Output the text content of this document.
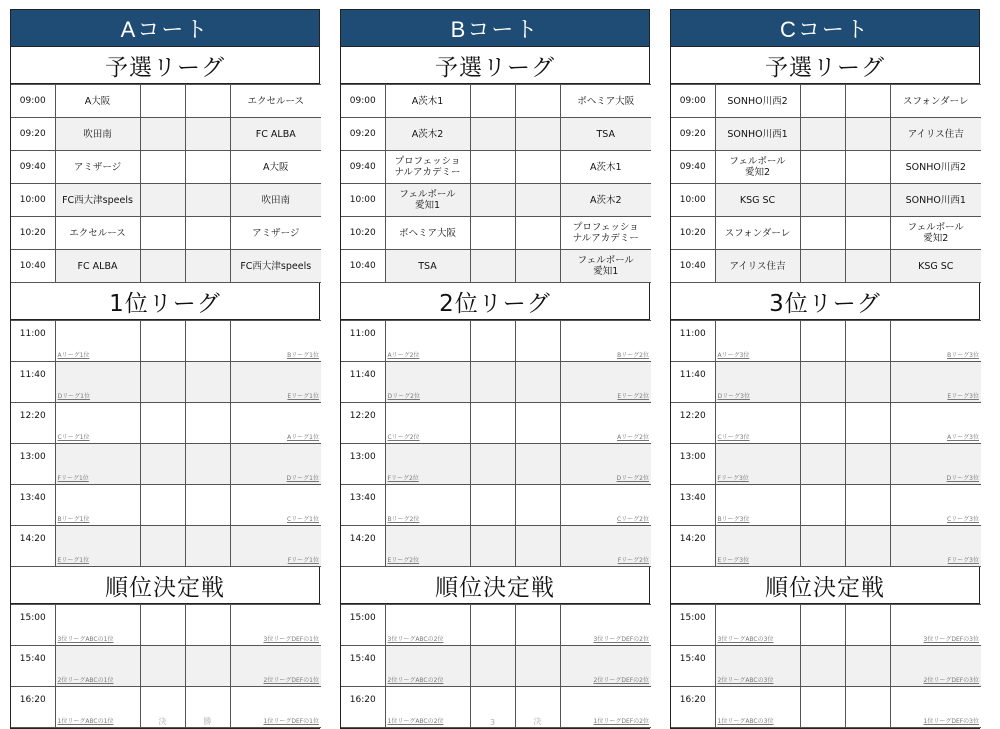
Aコート
予選リーグ
09:00	A大阪			エクセルース
09:20	吹田南			FC ALBA
09:40	アミザージ			A大阪
10:00	FC西大津speels			吹田南
10:20	エクセルース			アミザージ
10:40	FC ALBA			FC西大津speels
1位リーグ
11:00	Aリーグ1位			Bリーグ1位

11:40	Dリーグ1位			Eリーグ1位

12:20	Cリーグ1位			Aリーグ1位

13:00	Fリーグ1位			Dリーグ1位

13:40	Bリーグ1位			Cリーグ1位

14:20	Eリーグ1位			Fリーグ1位
順位決定戦
15:00	3位リーグABCの1位			3位リーグDEFの1位

15:40	2位リーグABCの1位			2位リーグDEFの1位

16:20	1位リーグABCの1位	決	勝	1位リーグDEFの1位
Bコート
予選リーグ
09:00	A茨木1			ボヘミア大阪
09:20	A茨木2			TSA
09:40	プロフェッショ
ナルアカデミー			A茨木1
10:00	フェルボール
愛知1			A茨木2
10:20	ボヘミア大阪			プロフェッショ
ナルアカデミー
10:40	TSA			フェルボール
愛知1
2位リーグ
11:00	Aリーグ2位			Bリーグ2位

11:40	Dリーグ2位			Eリーグ2位

12:20	Cリーグ2位			Aリーグ2位

13:00	Fリーグ2位			Dリーグ2位

13:40	Bリーグ2位			Cリーグ2位

14:20	Eリーグ2位			Fリーグ2位
順位決定戦
15:00	3位リーグABCの2位			3位リーグDEFの2位

15:40	2位リーグABCの2位			2位リーグDEFの2位

16:20	1位リーグABCの2位	3	決	1位リーグDEFの2位
Cコート
予選リーグ
09:00	SONHO川西2			スフォンダーレ
09:20	SONHO川西1			アイリス住吉
09:40	フェルボール
愛知2			SONHO川西2
10:00	KSG SC			SONHO川西1
10:20	スフォンダーレ			フェルボール
愛知2
10:40	アイリス住吉			KSG SC
3位リーグ
11:00	Aリーグ3位			Bリーグ3位

11:40	Dリーグ3位			Eリーグ3位

12:20	Cリーグ3位			Aリーグ3位

13:00	Fリーグ3位			Dリーグ3位

13:40	Bリーグ3位			Cリーグ3位

14:20	Eリーグ3位			Fリーグ3位
順位決定戦
15:00	3位リーグABCの3位			3位リーグDEFの3位

15:40	2位リーグABCの3位			2位リーグDEFの3位

16:20	1位リーグABCの3位			1位リーグDEFの3位
